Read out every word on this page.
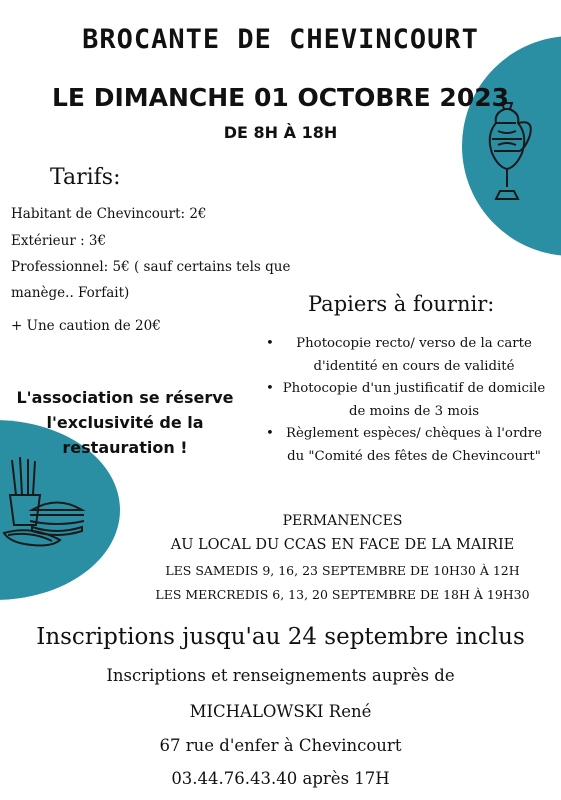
BROCANTE DE CHEVINCOURT
LE DIMANCHE 01 OCTOBRE 2023
DE 8H À 18H
Tarifs:
Habitant de Chevincourt: 2€
Extérieur : 3€
Professionnel: 5€ ( sauf certains tels que
manège.. Forfait)
+ Une caution de 20€
L'association se réserve
l'exclusivité de la
restauration !
Papiers à fournir:
• Photocopie recto/ verso de la carte d'identité en cours de validité
• Photocopie d'un justificatif de domicile de moins de 3 mois
• Règlement espèces/ chèques à l'ordre du "Comité des fêtes de Chevincourt"
PERMANENCES
AU LOCAL DU CCAS EN FACE DE LA MAIRIE
LES SAMEDIS 9, 16, 23 SEPTEMBRE DE 10H30 À 12H
LES MERCREDIS 6, 13, 20 SEPTEMBRE DE 18H À 19H30
Inscriptions jusqu'au 24 septembre inclus
Inscriptions et renseignements auprès de
MICHALOWSKI René
67 rue d'enfer à Chevincourt
03.44.76.43.40 après 17H
